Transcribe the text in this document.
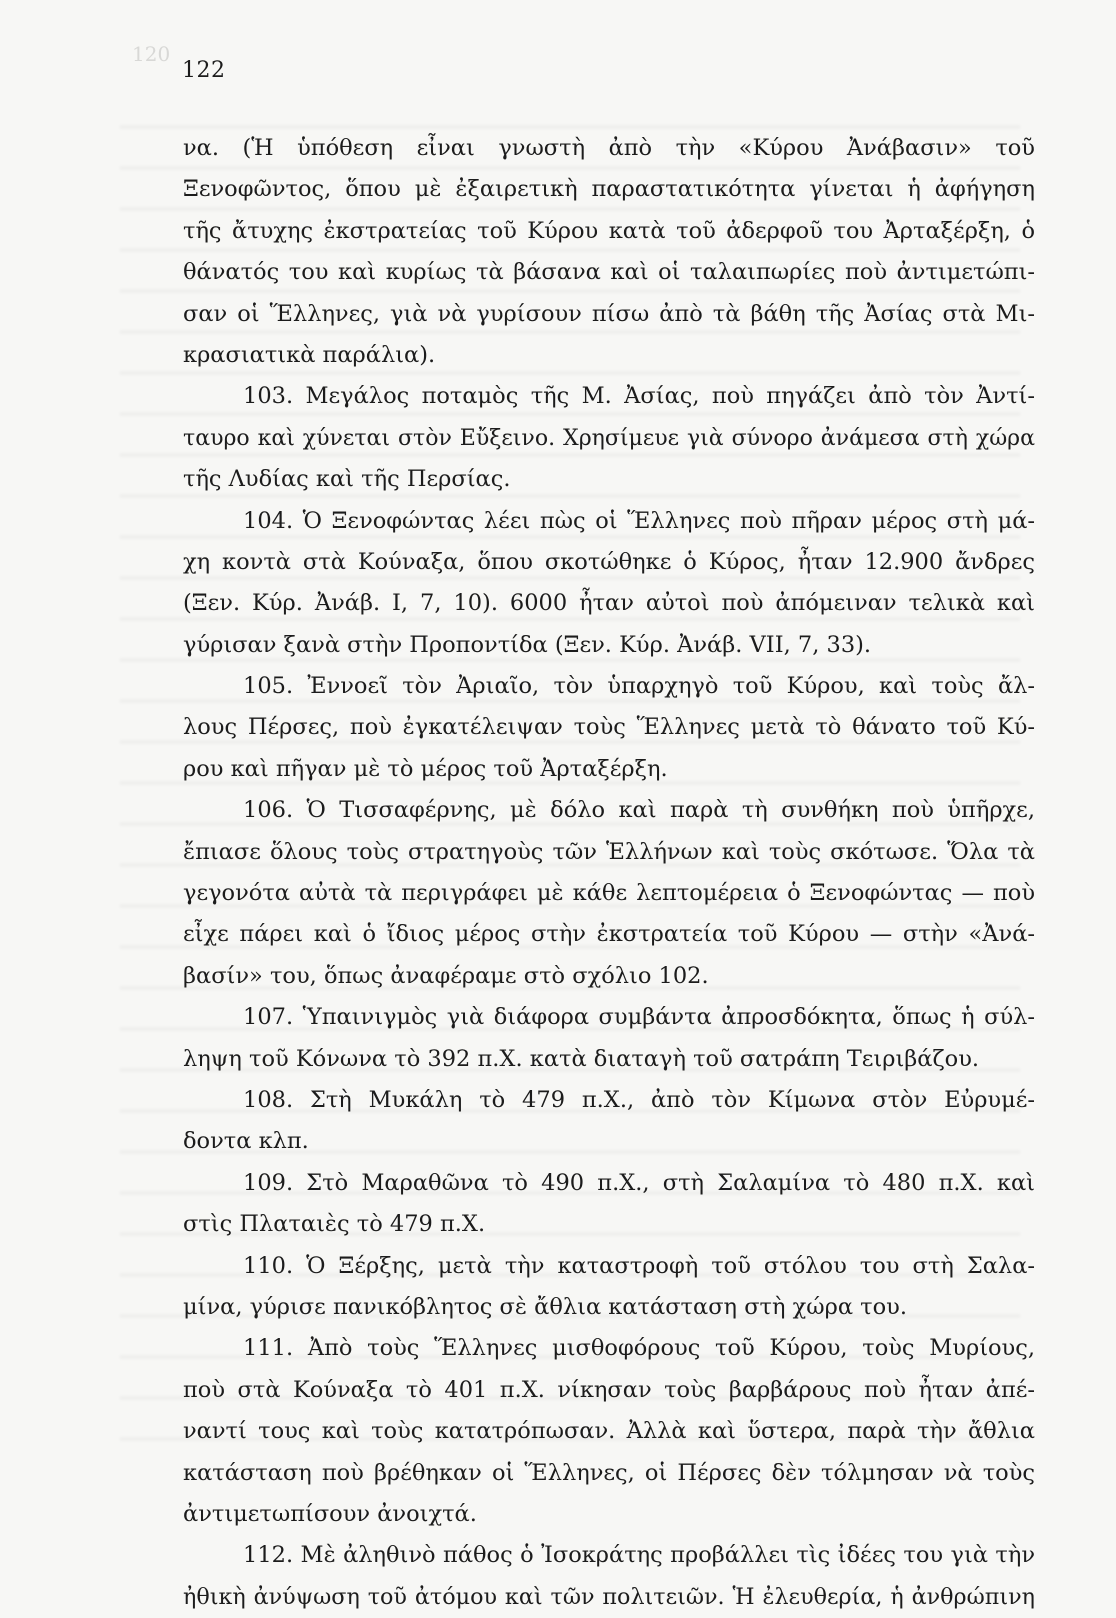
120
122
να. (Ἡ ὑπόθεση εἶναι γνωστὴ ἀπὸ τὴν «Κύρου Ἀνάβασιν» τοῦ
Ξενοφῶντος, ὅπου μὲ ἐξαιρετικὴ παραστατικότητα γίνεται ἡ ἀφήγηση
τῆς ἄτυχης ἐκστρατείας τοῦ Κύρου κατὰ τοῦ ἀδερφοῦ του Ἀρταξέρξη, ὁ
θάνατός του καὶ κυρίως τὰ βάσανα καὶ οἱ ταλαιπωρίες ποὺ ἀντιμετώπι-
σαν οἱ Ἕλληνες, γιὰ νὰ γυρίσουν πίσω ἀπὸ τὰ βάθη τῆς Ἀσίας στὰ Μι-
κρασιατικὰ παράλια).
103. Μεγάλος ποταμὸς τῆς Μ. Ἀσίας, ποὺ πηγάζει ἀπὸ τὸν Ἀντί-
ταυρο καὶ χύνεται στὸν Εὔξεινο. Χρησίμευε γιὰ σύνορο ἀνάμεσα στὴ χώρα
τῆς Λυδίας καὶ τῆς Περσίας.
104. Ὁ Ξενοφώντας λέει πὼς οἱ Ἕλληνες ποὺ πῆραν μέρος στὴ μά-
χη κοντὰ στὰ Κούναξα, ὅπου σκοτώθηκε ὁ Κύρος, ἦταν 12.900 ἄνδρες
(Ξεν. Κύρ. Ἀνάβ. I, 7, 10). 6000 ἦταν αὐτοὶ ποὺ ἀπόμειναν τελικὰ καὶ
γύρισαν ξανὰ στὴν Προποντίδα (Ξεν. Κύρ. Ἀνάβ. VII, 7, 33).
105. Ἐννοεῖ τὸν Ἀριαῖο, τὸν ὑπαρχηγὸ τοῦ Κύρου, καὶ τοὺς ἄλ-
λους Πέρσες, ποὺ ἐγκατέλειψαν τοὺς Ἕλληνες μετὰ τὸ θάνατο τοῦ Κύ-
ρου καὶ πῆγαν μὲ τὸ μέρος τοῦ Ἀρταξέρξη.
106. Ὁ Τισσαφέρνης, μὲ δόλο καὶ παρὰ τὴ συνθήκη ποὺ ὑπῆρχε,
ἔπιασε ὅλους τοὺς στρατηγοὺς τῶν Ἑλλήνων καὶ τοὺς σκότωσε. Ὅλα τὰ
γεγονότα αὐτὰ τὰ περιγράφει μὲ κάθε λεπτομέρεια ὁ Ξενοφώντας — ποὺ
εἶχε πάρει καὶ ὁ ἴδιος μέρος στὴν ἐκστρατεία τοῦ Κύρου — στὴν «Ἀνά-
βασίν» του, ὅπως ἀναφέραμε στὸ σχόλιο 102.
107. Ὑπαινιγμὸς γιὰ διάφορα συμβάντα ἀπροσδόκητα, ὅπως ἡ σύλ-
ληψη τοῦ Κόνωνα τὸ 392 π.Χ. κατὰ διαταγὴ τοῦ σατράπη Τειριβάζου.
108. Στὴ Μυκάλη τὸ 479 π.Χ., ἀπὸ τὸν Κίμωνα στὸν Εὐρυμέ-
δοντα κλπ.
109. Στὸ Μαραθῶνα τὸ 490 π.Χ., στὴ Σαλαμίνα τὸ 480 π.Χ. καὶ
στὶς Πλαταιὲς τὸ 479 π.Χ.
110. Ὁ Ξέρξης, μετὰ τὴν καταστροφὴ τοῦ στόλου του στὴ Σαλα-
μίνα, γύρισε πανικόβλητος σὲ ἄθλια κατάσταση στὴ χώρα του.
111. Ἀπὸ τοὺς Ἕλληνες μισθοφόρους τοῦ Κύρου, τοὺς Μυρίους,
ποὺ στὰ Κούναξα τὸ 401 π.Χ. νίκησαν τοὺς βαρβάρους ποὺ ἦταν ἀπέ-
ναντί τους καὶ τοὺς κατατρόπωσαν. Ἀλλὰ καὶ ὕστερα, παρὰ τὴν ἄθλια
κατάσταση ποὺ βρέθηκαν οἱ Ἕλληνες, οἱ Πέρσες δὲν τόλμησαν νὰ τοὺς
ἀντιμετωπίσουν ἀνοιχτά.
112. Μὲ ἀληθινὸ πάθος ὁ Ἰσοκράτης προβάλλει τὶς ἰδέες του γιὰ τὴν
ἠθικὴ ἀνύψωση τοῦ ἀτόμου καὶ τῶν πολιτειῶν. Ἡ ἐλευθερία, ἡ ἀνθρώπινη
